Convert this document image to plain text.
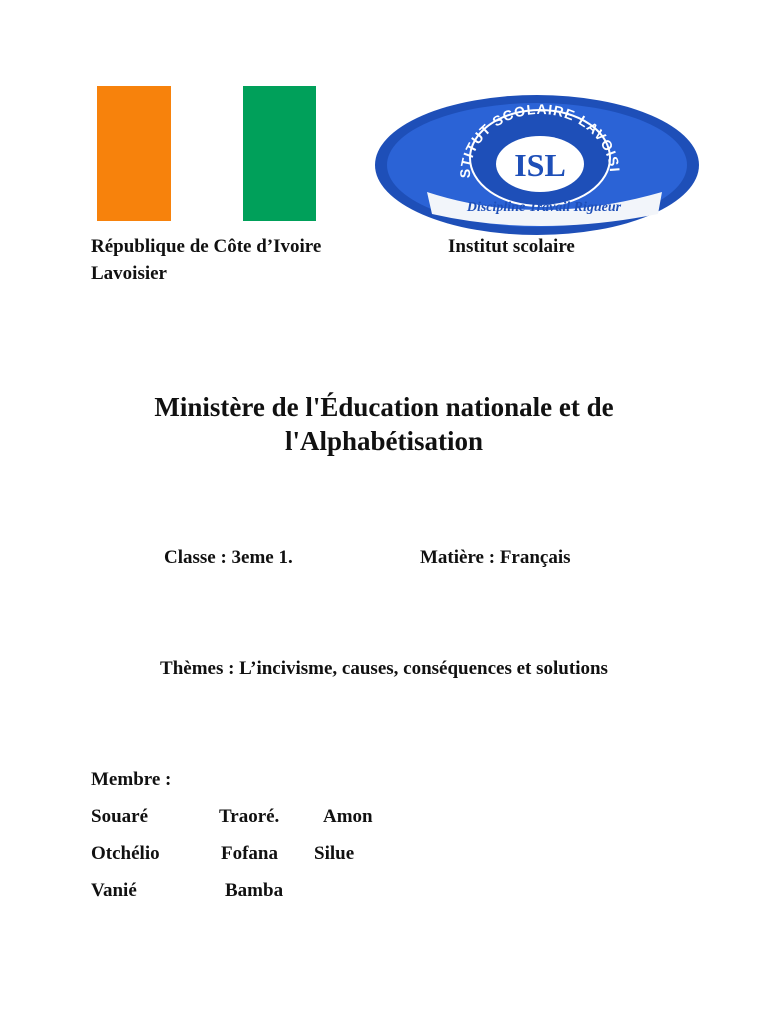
STITUT SCOLAIRE LAVOISI
ISL
Discipline Travail Rigueur
République de Côte d’Ivoire	Institut scolaire
Lavoisier
Ministère de l'Éducation nationale et de
l'Alphabétisation
Classe : 3eme 1.	Matière : Français
Thèmes : L’incivisme, causes, conséquences et solutions
Membre :
Souaré	Traoré. Amon
Otchélio	Fofana Silue
Vanié	Bamba
